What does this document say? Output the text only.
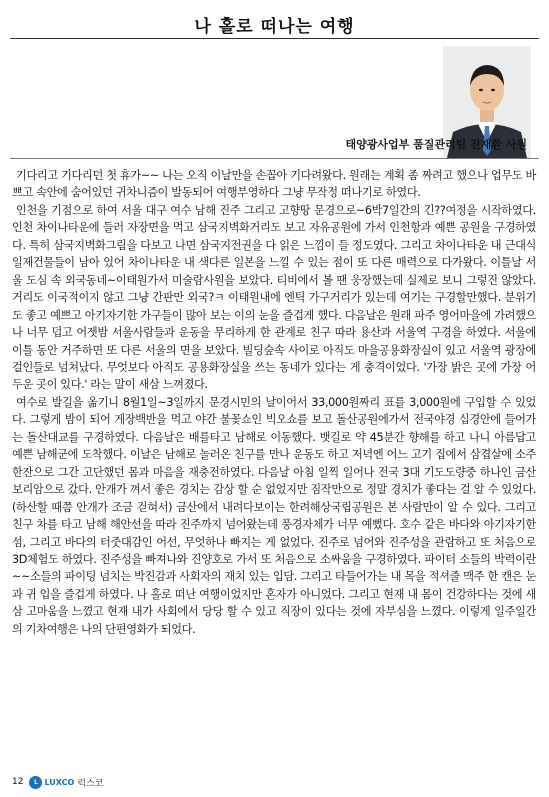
나 홀로 떠나는 여행
태양광사업부 품질관리팀 전재환 사원

기다리고 기다리던 첫 휴가~~ 나는 오직 이날만을 손꼽아 기다려왔다. 원래는 계획 좀 짜려고 했으나 업무도 바쁘고 속안에 숨어있던 귀차니즘이 발동되어 여행부영하다 그냥 무작정 떠나기로 하였다.

인천을 기점으로 하여 서울 대구 여수 남해 진주 그리고 고향땅 문경으로~6박7일간의 긴??여정을 시작하였다. 인천 차이나타운에 들러 자장면을 먹고 삼국지벽화거리도 보고 자유공원에 가서 인천항과 예쁜 공원을 구경하였다. 특히 삼국지벽화그림을 다보고 나면 삼국지전권을 다 읽은 느낌이 들 정도였다. 그리고 차이나타운 내 근대식 일제건물들이 남아 있어 차이나타운 내 색다른 일본을 느낄 수 있는 점이 또 다른 매력으로 다가왔다. 이틀날 서울 도심 속 외국동네~이태원가서 미술람사원을 보았다. 티비에서 볼 땐 웅장했는데 실제로 보니 그렇진 않았다. 거리도 이국적이지 않고 그냥 간판만 외국?ㅋ 이태원내에 엔틱 가구거리가 있는데 여기는 구경할만했다. 분위기도 좋고 예쁘고 아기자기한 가구들이 많아 보는 이의 눈을 즐겁게 했다. 다음날은 원래 파주 영어마을에 가려했으나 너무 덥고 어젯밤 서울사람들과 운동을 무리하게 한 관계로 친구 따라 용산과 서울역 구경을 하였다. 서울에 이틀 동안 거주하면 또 다른 서울의 면을 보았다. 빌딩숲속 사이로 아직도 마을공용화장실이 있고 서울역 광장에 걸인들로 넘쳐났다. 무엇보다 아직도 공용화장실을 쓰는 동네가 있다는 게 충격이었다. '가장 밝은 곳에 가장 어두운 곳이 있다.' 라는 말이 새삼 느껴졌다.

여수로 발길을 옮기니 8월1일~3일까지 문경시민의 날이어서 33,000원짜리 표를 3,000원에 구입할 수 있었다. 그렇게 밤이 되어 게장백반을 먹고 야간 불꽃쇼인 빅오쇼를 보고 돌산공원에가서 전국야경 십경안에 들어가는 돌산대교를 구경하였다. 다음날은 배를타고 남해로 이동했다. 뱃길로 약 45분간 향해를 하고 나니 아름답고 예쁜 남해군에 도착했다. 이날은 남해로 놀러온 친구를 만나 운동도 하고 저녁엔 어느 고기 집에서 삼겹살에 소주 한잔으로 그간 고단했던 몸과 마음을 재충전하였다. 다음날 아침 일찍 일어나 전국 3대 기도도량중 하나인 금산 보리암으로 갔다. 안개가 껴서 좋은 경치는 감상 할 순 없었지만 짐작만으로 정말 경치가 좋다는 걸 알 수 있었다.(하산할 때쯤 안개가 조금 걷혀서) 금산에서 내려다보이는 한려해상국립공원은 본 사람만이 알 수 있다. 그리고 친구 차를 타고 남해 해안선을 따라 진주까지 넘어왔는데 풍경자체가 너무 예뻤다. 호수 같은 바다와 아기자기한 섬, 그리고 바다의 터줏대감인 어선, 무엇하나 빠지는 게 없었다. 진주로 넘어와 진주성을 관람하고 또 처음으로 3D체험도 하였다. 진주성을 빠져나와 진양호로 가서 또 처음으로 소싸움을 구경하였다. 파이터 소들의 박력이란~~소들의 파이팅 넘치는 박진감과 사회자의 재치 있는 입담. 그리고 타들어가는 내 목을 적셔줄 맥주 한 캔은 눈과 귀 입을 즐겁게 하였다. 나 홀로 떠난 여행이었지만 혼자가 아니었다. 그리고 현재 내 몸이 건강하다는 것에 새삼 고마움을 느꼈고 현재 내가 사회에서 당당 할 수 있고 직장이 있다는 것에 자부심을 느꼈다. 이렇게 일주일간의 기차여행은 나의 단편영화가 되었다.

12	L LUXCO 럭스코
